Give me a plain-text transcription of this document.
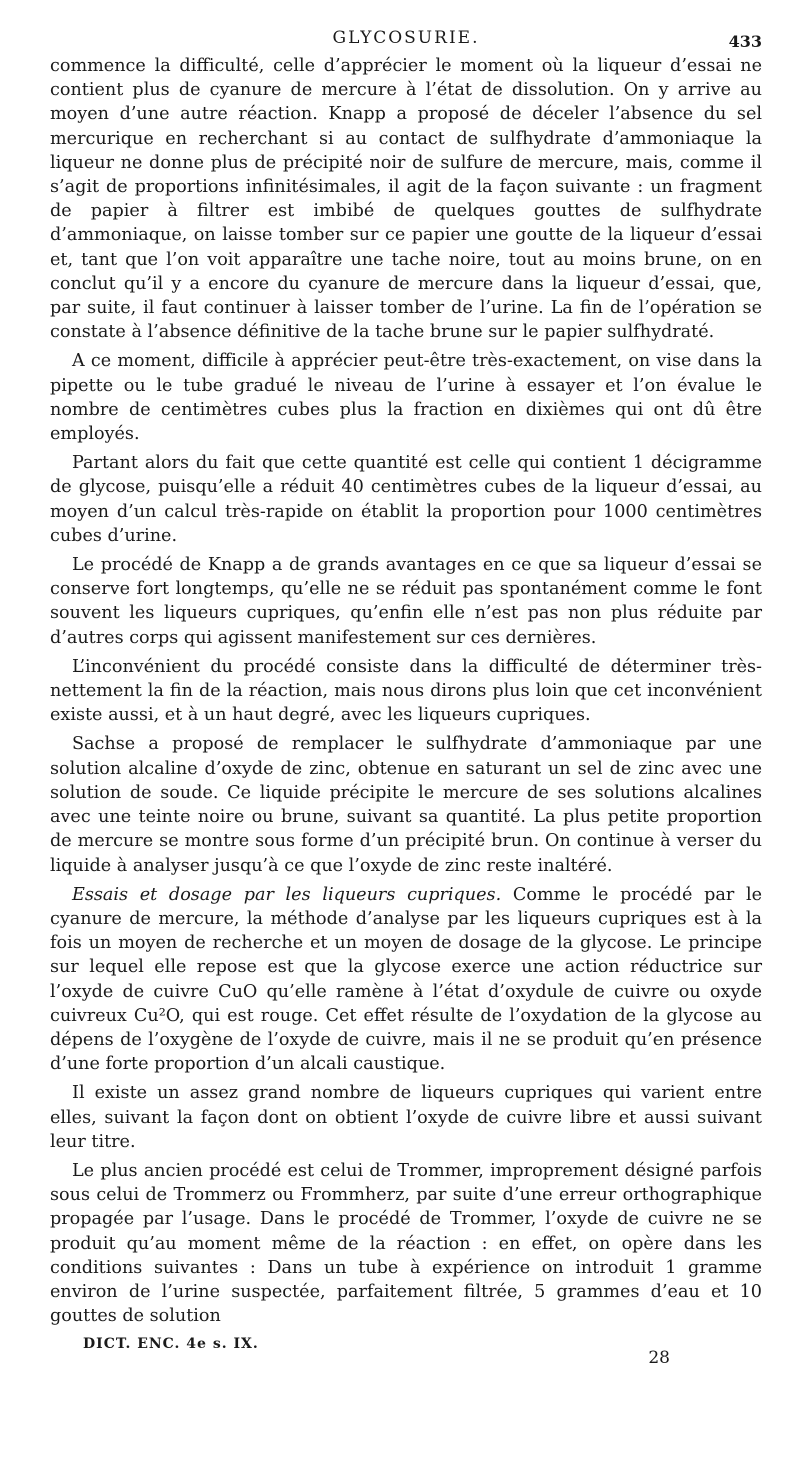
GLYCOSURIE.	433

commence la difficulté, celle d’apprécier le moment où la liqueur d’essai ne contient plus de cyanure de mercure à l’état de dissolution. On y arrive au moyen d’une autre réaction. Knapp a proposé de déceler l’absence du sel mercurique en recherchant si au contact de sulfhydrate d’ammoniaque la liqueur ne donne plus de précipité noir de sulfure de mercure, mais, comme il s’agit de proportions infinitésimales, il agit de la façon suivante : un fragment de papier à filtrer est imbibé de quelques gouttes de sulfhydrate d’ammoniaque, on laisse tomber sur ce papier une goutte de la liqueur d’essai et, tant que l’on voit apparaître une tache noire, tout au moins brune, on en conclut qu’il y a encore du cyanure de mercure dans la liqueur d’essai, que, par suite, il faut continuer à laisser tomber de l’urine. La fin de l’opération se constate à l’absence définitive de la tache brune sur le papier sulfhydraté.

A ce moment, difficile à apprécier peut-être très-exactement, on vise dans la pipette ou le tube gradué le niveau de l’urine à essayer et l’on évalue le nombre de centimètres cubes plus la fraction en dixièmes qui ont dû être employés.

Partant alors du fait que cette quantité est celle qui contient 1 décigramme de glycose, puisqu’elle a réduit 40 centimètres cubes de la liqueur d’essai, au moyen d’un calcul très-rapide on établit la proportion pour 1000 centimètres cubes d’urine.

Le procédé de Knapp a de grands avantages en ce que sa liqueur d’essai se conserve fort longtemps, qu’elle ne se réduit pas spontanément comme le font souvent les liqueurs cupriques, qu’enfin elle n’est pas non plus réduite par d’autres corps qui agissent manifestement sur ces dernières.

L’inconvénient du procédé consiste dans la difficulté de déterminer très-nettement la fin de la réaction, mais nous dirons plus loin que cet inconvénient existe aussi, et à un haut degré, avec les liqueurs cupriques.

Sachse a proposé de remplacer le sulfhydrate d’ammoniaque par une solution alcaline d’oxyde de zinc, obtenue en saturant un sel de zinc avec une solution de soude. Ce liquide précipite le mercure de ses solutions alcalines avec une teinte noire ou brune, suivant sa quantité. La plus petite proportion de mercure se montre sous forme d’un précipité brun. On continue à verser du liquide à analyser jusqu’à ce que l’oxyde de zinc reste inaltéré.

Essais et dosage par les liqueurs cupriques. Comme le procédé par le cyanure de mercure, la méthode d’analyse par les liqueurs cupriques est à la fois un moyen de recherche et un moyen de dosage de la glycose. Le principe sur lequel elle repose est que la glycose exerce une action réductrice sur l’oxyde de cuivre CuO qu’elle ramène à l’état d’oxydule de cuivre ou oxyde cuivreux Cu²O, qui est rouge. Cet effet résulte de l’oxydation de la glycose au dépens de l’oxygène de l’oxyde de cuivre, mais il ne se produit qu’en présence d’une forte proportion d’un alcali caustique.

Il existe un assez grand nombre de liqueurs cupriques qui varient entre elles, suivant la façon dont on obtient l’oxyde de cuivre libre et aussi suivant leur titre.

Le plus ancien procédé est celui de Trommer, improprement désigné parfois sous celui de Trommerz ou Frommherz, par suite d’une erreur orthographique propagée par l’usage. Dans le procédé de Trommer, l’oxyde de cuivre ne se produit qu’au moment même de la réaction : en effet, on opère dans les conditions suivantes : Dans un tube à expérience on introduit 1 gramme environ de l’urine suspectée, parfaitement filtrée, 5 grammes d’eau et 10 gouttes de solution

DICT. ENC. 4e s. IX.
28
